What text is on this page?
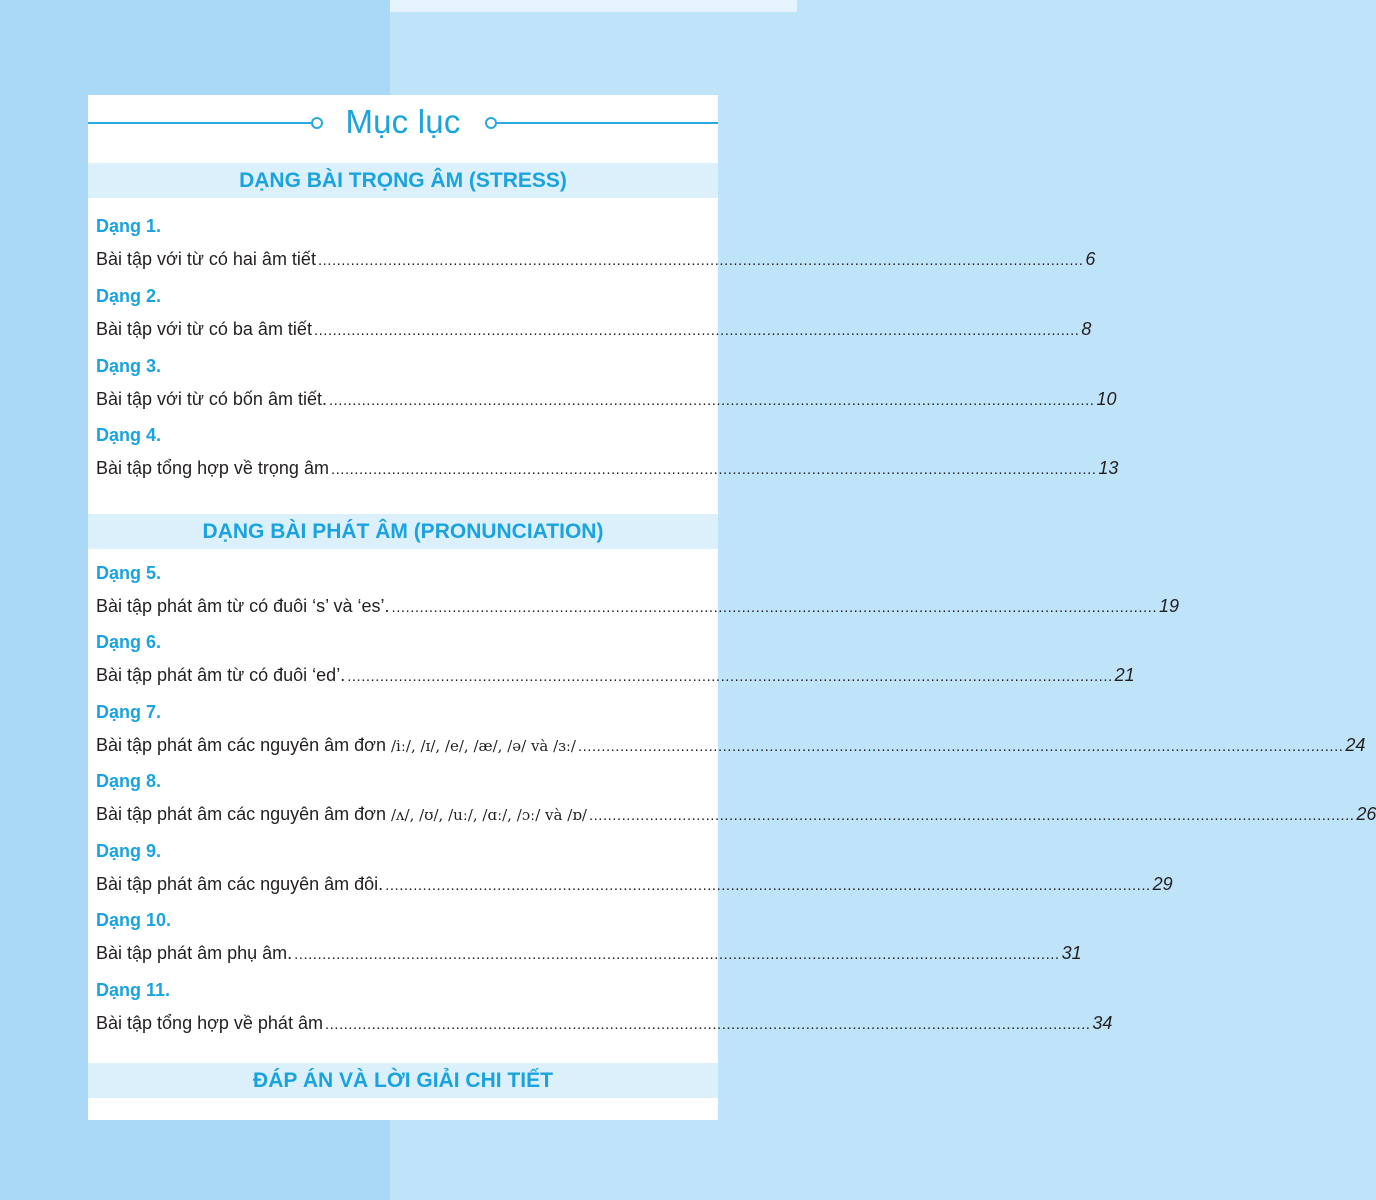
Mục lục
DẠNG BÀI TRỌNG ÂM (STRESS)
Dạng 1.
Bài tập với từ có hai âm tiết .................................................................................................................................................................... 6
Dạng 2.
Bài tập với từ có ba âm tiết .................................................................................................................................................................... 8
Dạng 3.
Bài tập với từ có bốn âm tiết. .................................................................................................................................................................... 10
Dạng 4.
Bài tập tổng hợp về trọng âm .................................................................................................................................................................... 13
DẠNG BÀI PHÁT ÂM (PRONUNCIATION)
Dạng 5.
Bài tập phát âm từ có đuôi ‘s’ và ‘es’. .................................................................................................................................................................... 19
Dạng 6.
Bài tập phát âm từ có đuôi ‘ed’. .................................................................................................................................................................... 21
Dạng 7.
Bài tập phát âm các nguyên âm đơn
/iː/, /ɪ/, /e/, /æ/, /ə/ và /ɜː/ .................................................................................................................................................................... 24
Dạng 8.
Bài tập phát âm các nguyên âm đơn
/ʌ/, /ʊ/, /uː/, /ɑː/, /ɔː/ và /ɒ/ .................................................................................................................................................................... 26
Dạng 9.
Bài tập phát âm các nguyên âm đôi. .................................................................................................................................................................... 29
Dạng 10.
Bài tập phát âm phụ âm. .................................................................................................................................................................... 31
Dạng 11.
Bài tập tổng hợp về phát âm .................................................................................................................................................................... 34
ĐÁP ÁN VÀ LỜI GIẢI CHI TIẾT
